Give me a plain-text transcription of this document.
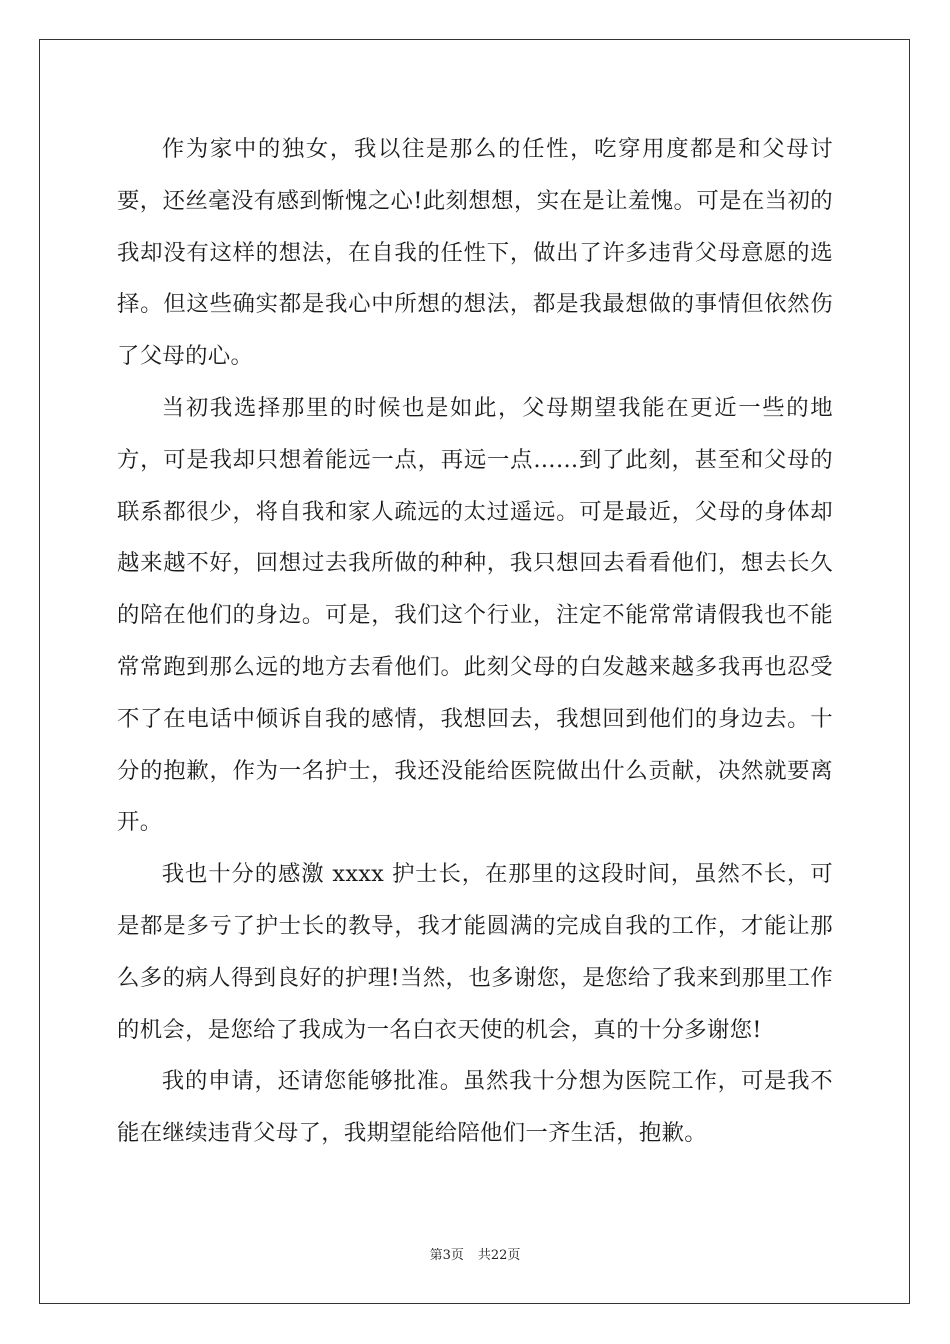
作为家中的独女，我以往是那么的任性，吃穿用度都是和父母讨要，还丝毫没有感到惭愧之心!此刻想想，实在是让羞愧。可是在当初的我却没有这样的想法，在自我的任性下，做出了许多违背父母意愿的选择。但这些确实都是我心中所想的想法，都是我最想做的事情但依然伤了父母的心。

当初我选择那里的时候也是如此，父母期望我能在更近一些的地方，可是我却只想着能远一点，再远一点……到了此刻，甚至和父母的联系都很少，将自我和家人疏远的太过遥远。可是最近，父母的身体却越来越不好，回想过去我所做的种种，我只想回去看看他们，想去长久的陪在他们的身边。可是，我们这个行业，注定不能常常请假我也不能常常跑到那么远的地方去看他们。此刻父母的白发越来越多我再也忍受不了在电话中倾诉自我的感情，我想回去，我想回到他们的身边去。十分的抱歉，作为一名护士，我还没能给医院做出什么贡献，决然就要离开。

我也十分的感激 xxxx 护士长，在那里的这段时间，虽然不长，可是都是多亏了护士长的教导，我才能圆满的完成自我的工作，才能让那么多的病人得到良好的护理!当然，也多谢您，是您给了我来到那里工作的机会，是您给了我成为一名白衣天使的机会，真的十分多谢您!

我的申请，还请您能够批准。虽然我十分想为医院工作，可是我不能在继续违背父母了，我期望能给陪他们一齐生活，抱歉。

第3页 共22页
